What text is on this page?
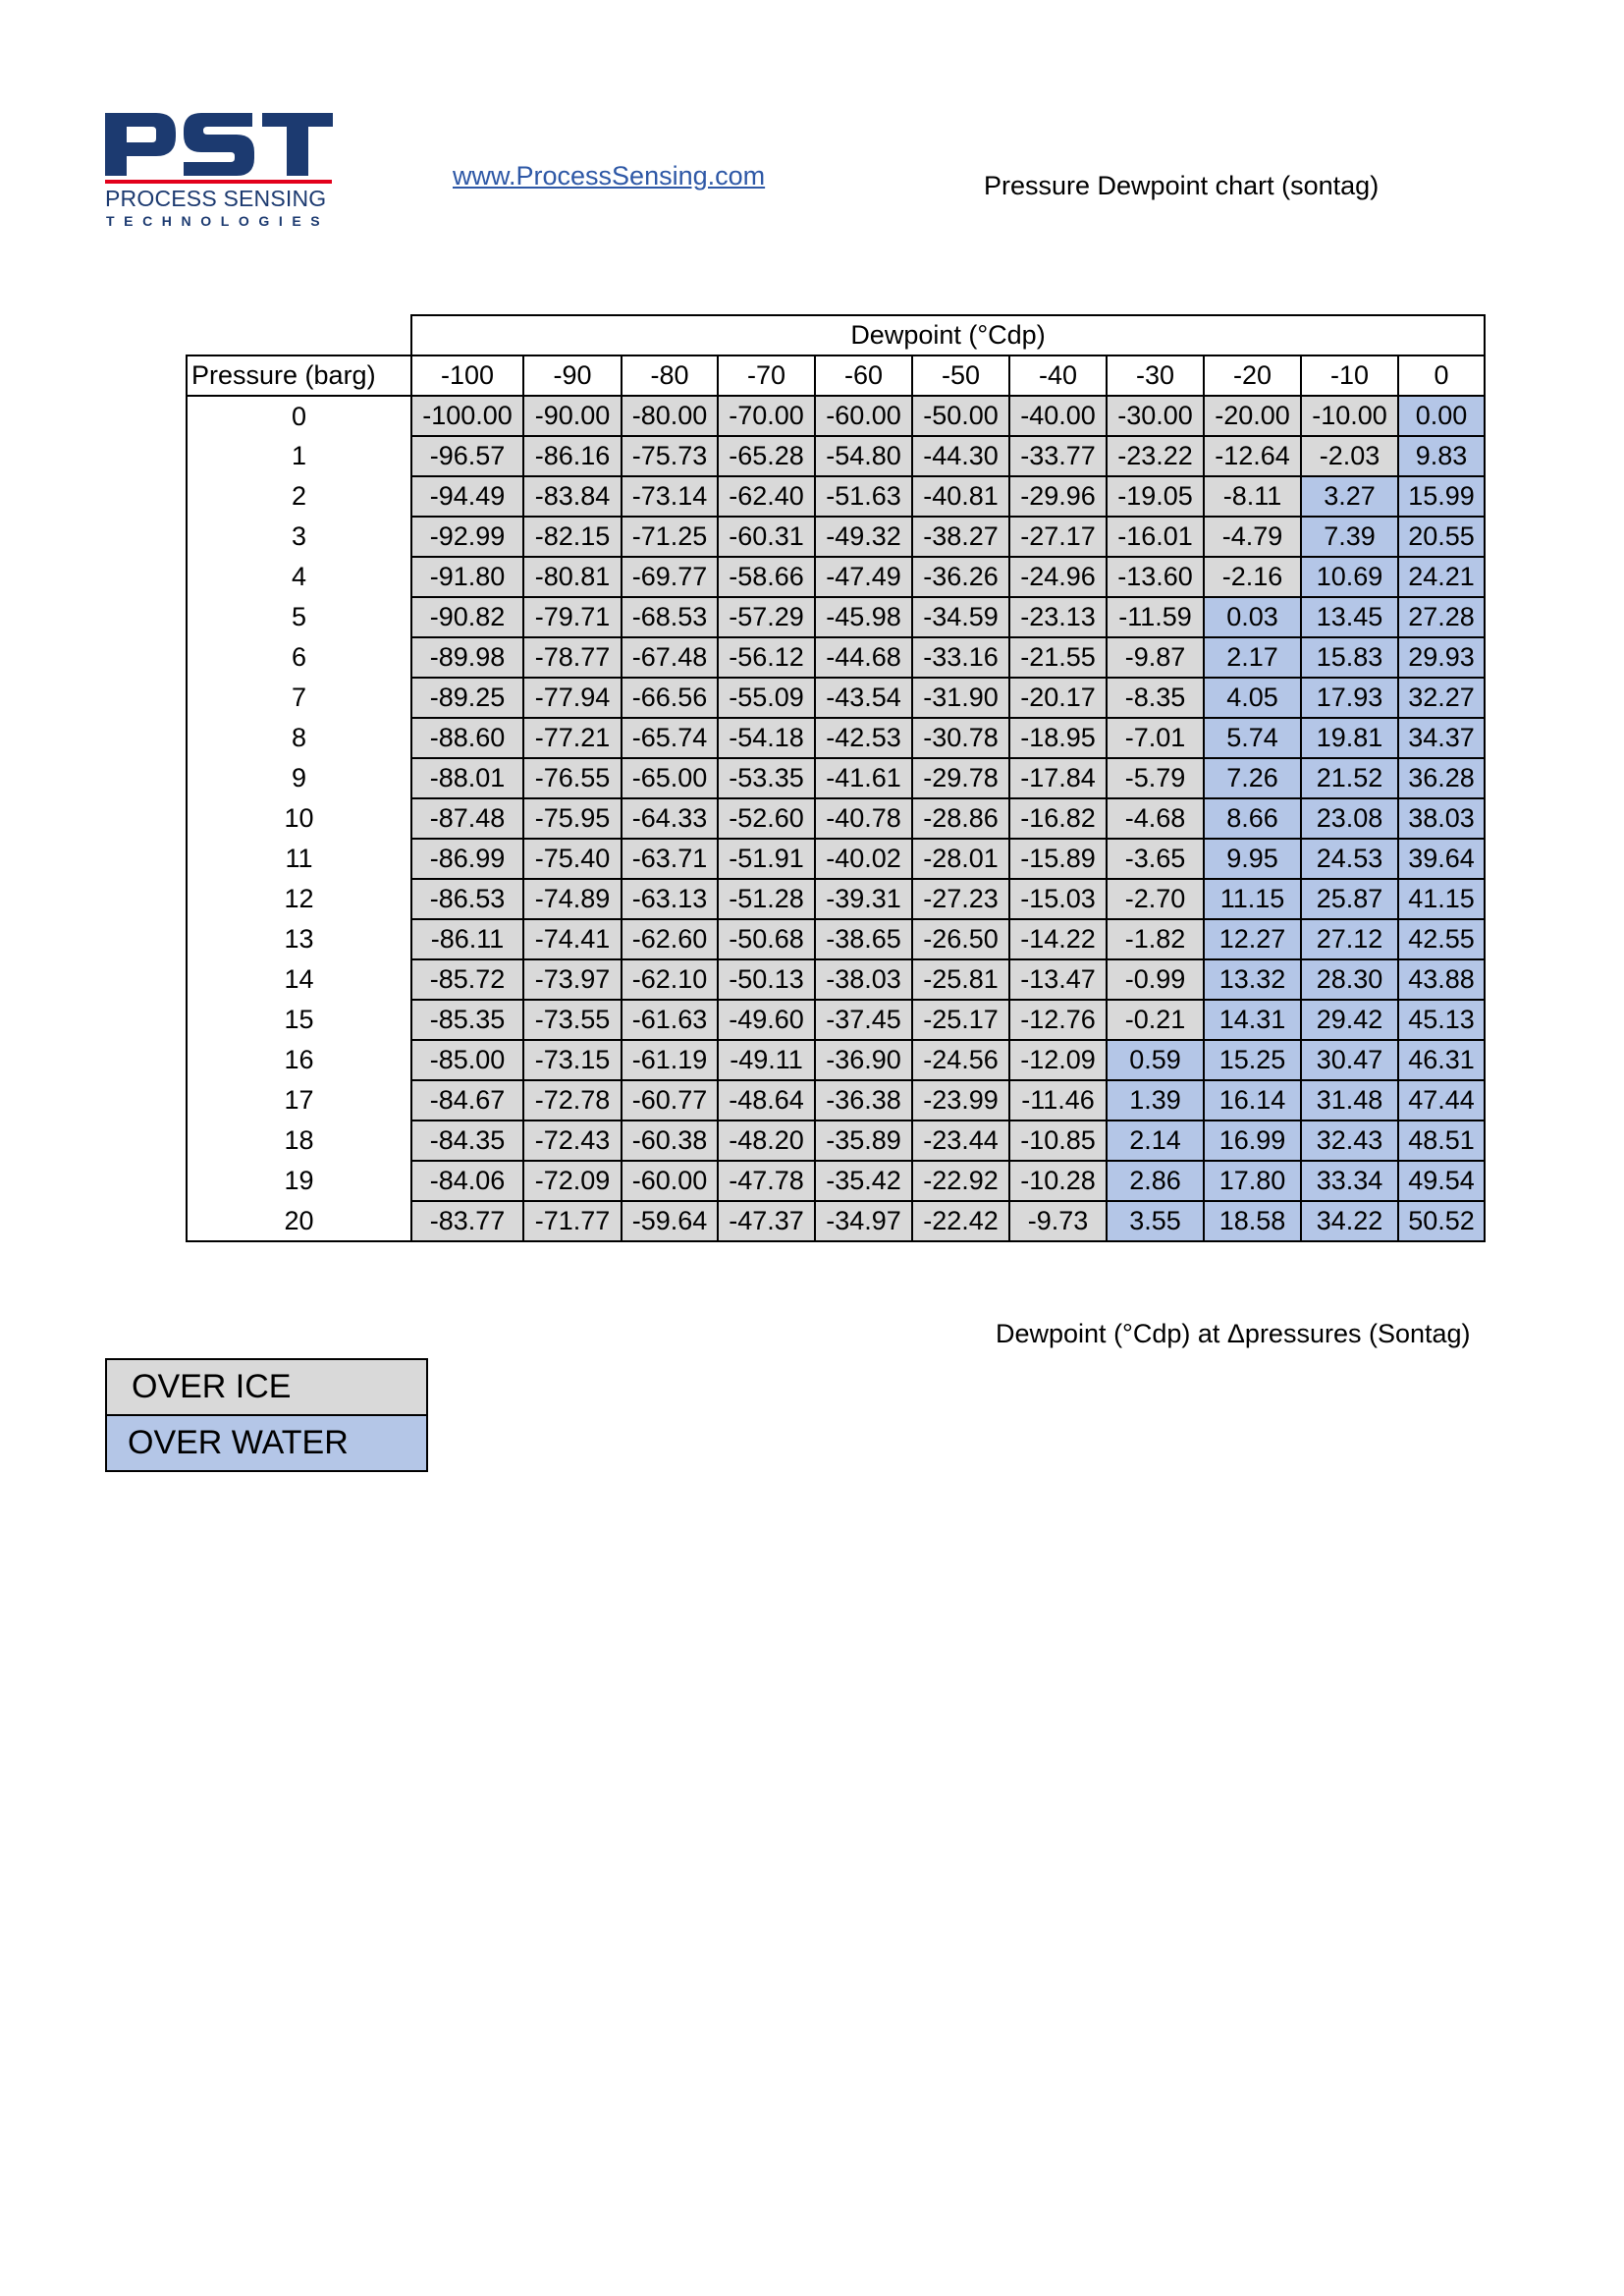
PROCESS SENSING
TECHNOLOGIES
www.ProcessSensing.com	Pressure Dewpoint chart (sontag)
	Dewpoint (°Cdp)										
Pressure (barg)	-100	-90	-80	-70	-60	-50	-40	-30	-20	-10	0
0	-100.00	-90.00	-80.00	-70.00	-60.00	-50.00	-40.00	-30.00	-20.00	-10.00	0.00
1	-96.57	-86.16	-75.73	-65.28	-54.80	-44.30	-33.77	-23.22	-12.64	-2.03	9.83
2	-94.49	-83.84	-73.14	-62.40	-51.63	-40.81	-29.96	-19.05	-8.11	3.27	15.99
3	-92.99	-82.15	-71.25	-60.31	-49.32	-38.27	-27.17	-16.01	-4.79	7.39	20.55
4	-91.80	-80.81	-69.77	-58.66	-47.49	-36.26	-24.96	-13.60	-2.16	10.69	24.21
5	-90.82	-79.71	-68.53	-57.29	-45.98	-34.59	-23.13	-11.59	0.03	13.45	27.28
6	-89.98	-78.77	-67.48	-56.12	-44.68	-33.16	-21.55	-9.87	2.17	15.83	29.93
7	-89.25	-77.94	-66.56	-55.09	-43.54	-31.90	-20.17	-8.35	4.05	17.93	32.27
8	-88.60	-77.21	-65.74	-54.18	-42.53	-30.78	-18.95	-7.01	5.74	19.81	34.37
9	-88.01	-76.55	-65.00	-53.35	-41.61	-29.78	-17.84	-5.79	7.26	21.52	36.28
10	-87.48	-75.95	-64.33	-52.60	-40.78	-28.86	-16.82	-4.68	8.66	23.08	38.03
11	-86.99	-75.40	-63.71	-51.91	-40.02	-28.01	-15.89	-3.65	9.95	24.53	39.64
12	-86.53	-74.89	-63.13	-51.28	-39.31	-27.23	-15.03	-2.70	11.15	25.87	41.15
13	-86.11	-74.41	-62.60	-50.68	-38.65	-26.50	-14.22	-1.82	12.27	27.12	42.55
14	-85.72	-73.97	-62.10	-50.13	-38.03	-25.81	-13.47	-0.99	13.32	28.30	43.88
15	-85.35	-73.55	-61.63	-49.60	-37.45	-25.17	-12.76	-0.21	14.31	29.42	45.13
16	-85.00	-73.15	-61.19	-49.11	-36.90	-24.56	-12.09	0.59	15.25	30.47	46.31
17	-84.67	-72.78	-60.77	-48.64	-36.38	-23.99	-11.46	1.39	16.14	31.48	47.44
18	-84.35	-72.43	-60.38	-48.20	-35.89	-23.44	-10.85	2.14	16.99	32.43	48.51
19	-84.06	-72.09	-60.00	-47.78	-35.42	-22.92	-10.28	2.86	17.80	33.34	49.54
20	-83.77	-71.77	-59.64	-47.37	-34.97	-22.42	-9.73	3.55	18.58	34.22	50.52
Dewpoint (°Cdp) at Δpressures (Sontag)
OVER ICE
OVER WATER
